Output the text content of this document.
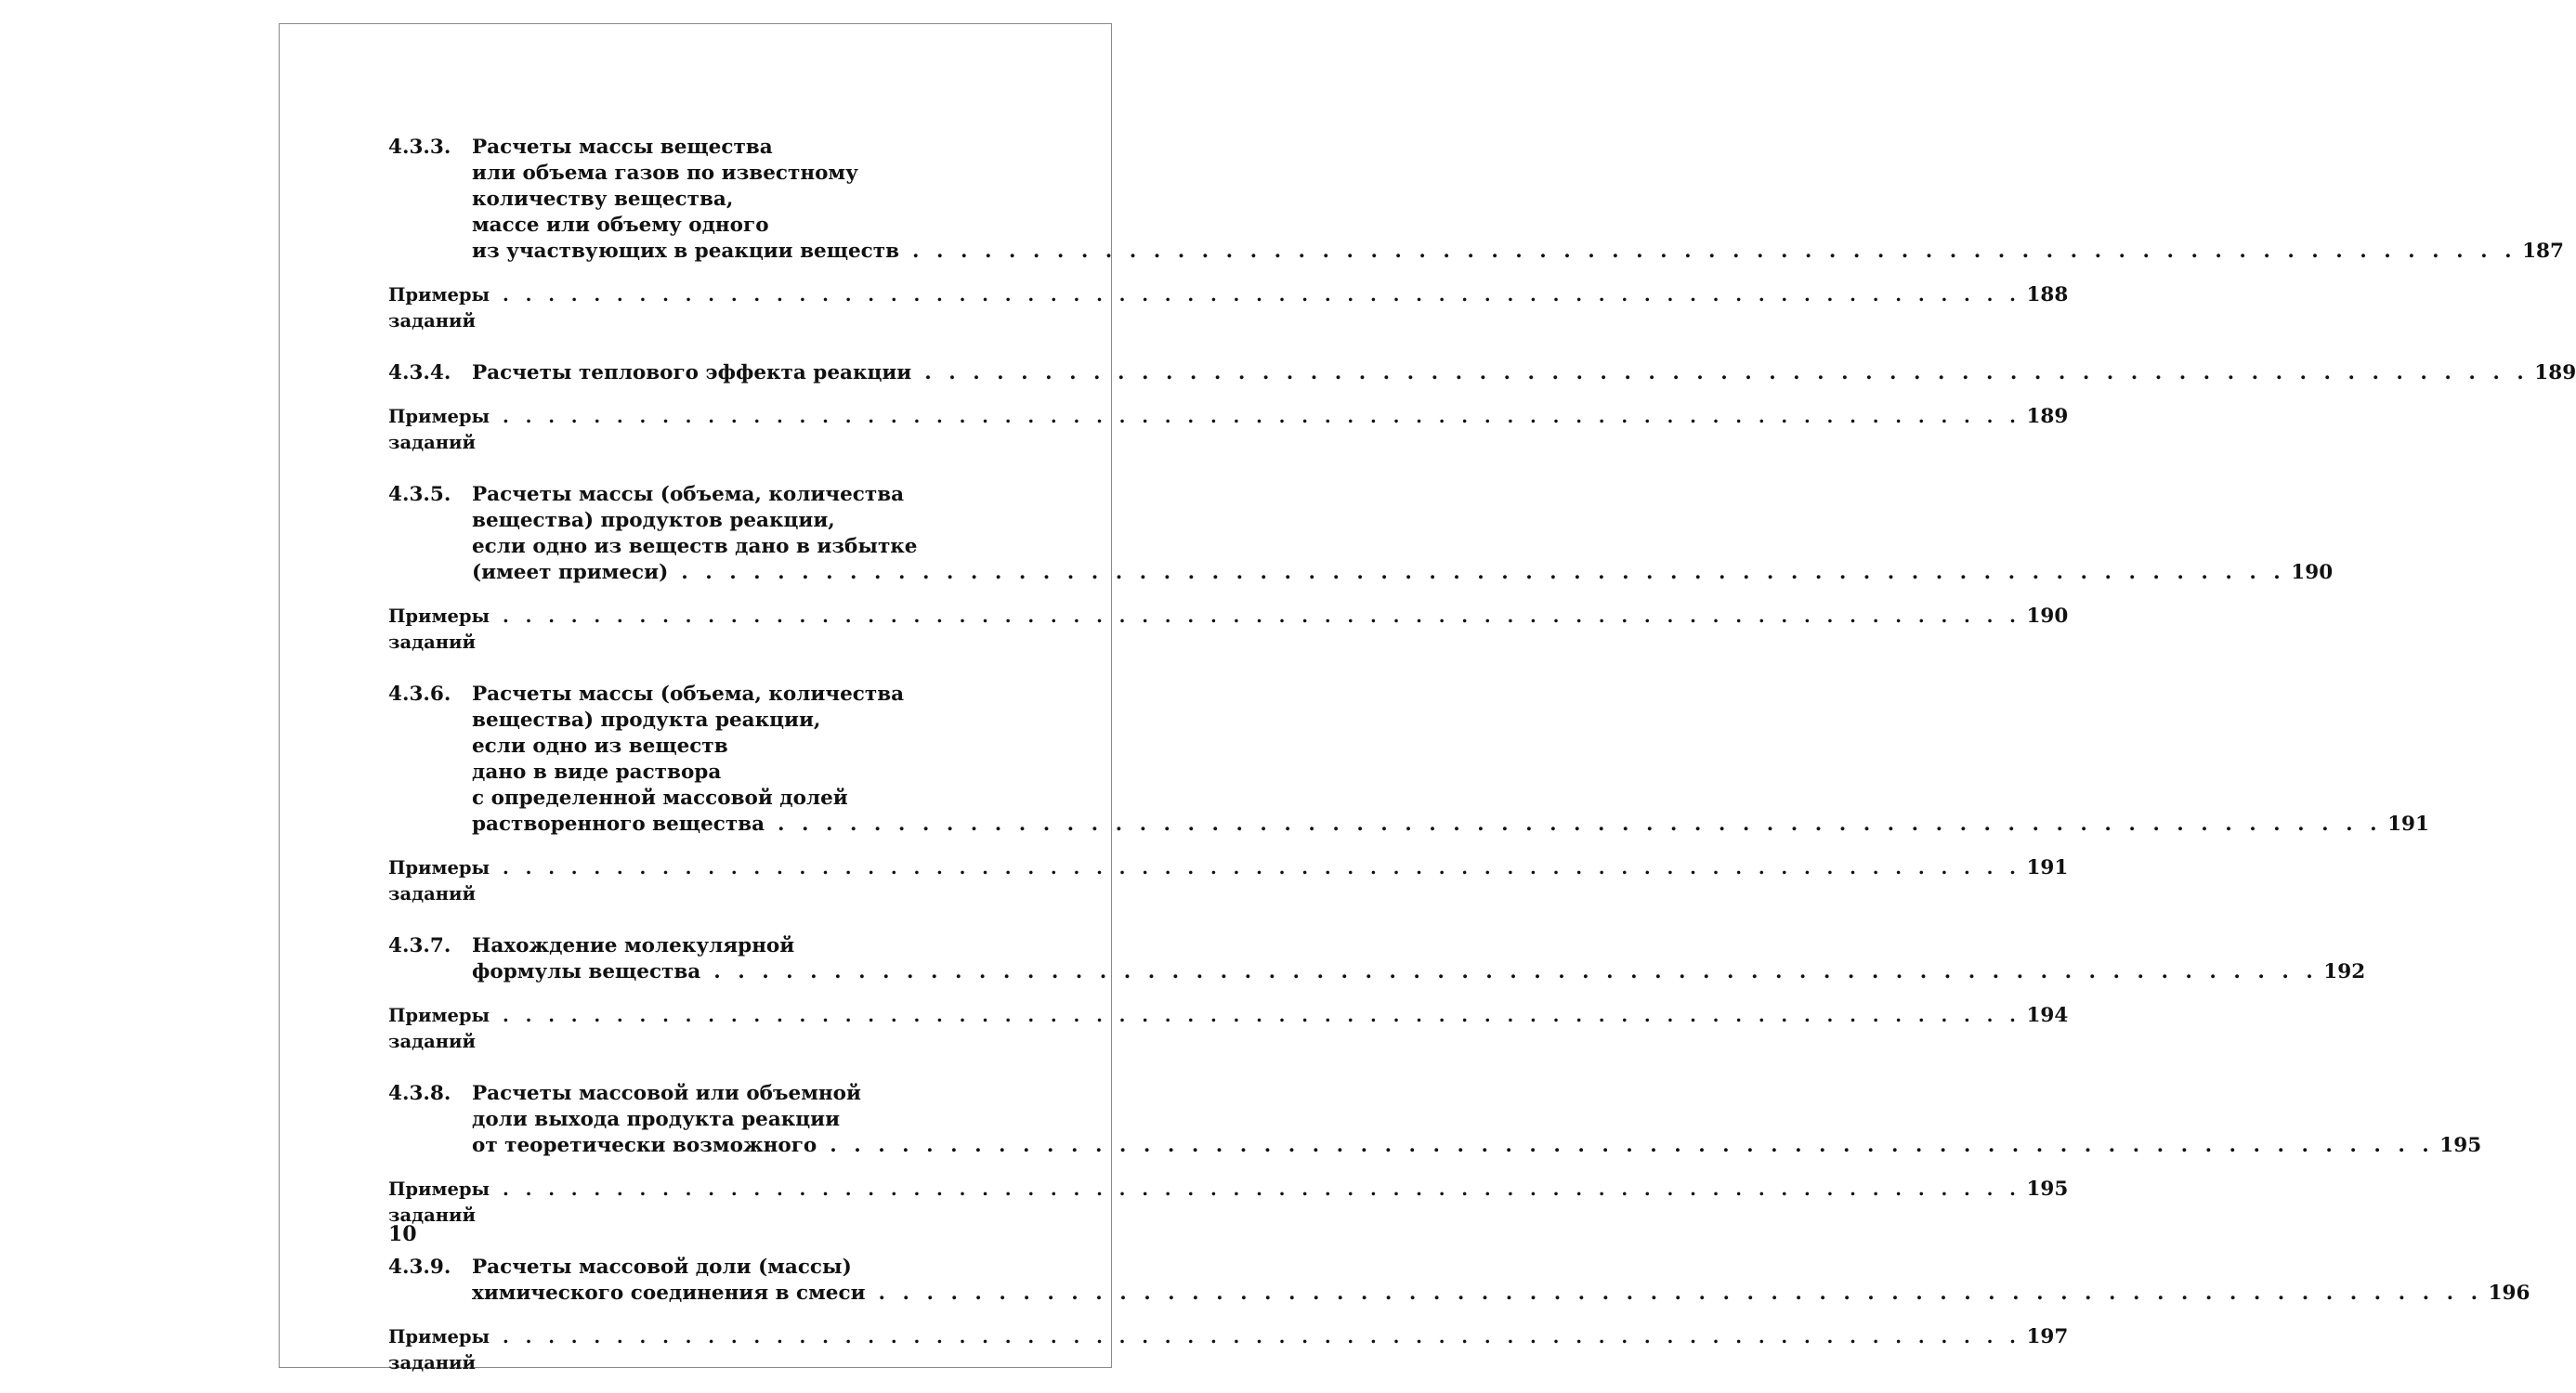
4.3.3. Расчеты массы вещества
или объема газов по известному
количеству вещества,
массе или объему одного
из участвующих в реакции веществ . . . . . . . . . . . . . . . . . . . . . . . . . . . . . . . . . . . . . . . . . . . . . . . . . . . . . . . . . . . . . . . . . . . 187
Примеры заданий
. . . . . . . . . . . . . . . . . . . . . . . . . . . . . . . . . . . . . . . . . . . . . . . . . . . . . . . . . . . . . . . . . . . 188
4.3.4. Расчеты теплового эффекта реакции . . . . . . . . . . . . . . . . . . . . . . . . . . . . . . . . . . . . . . . . . . . . . . . . . . . . . . . . . . . . . . . . . . . 189
Примеры заданий
. . . . . . . . . . . . . . . . . . . . . . . . . . . . . . . . . . . . . . . . . . . . . . . . . . . . . . . . . . . . . . . . . . . 189
4.3.5. Расчеты массы (объема, количества
вещества) продуктов реакции,
если одно из веществ дано в избытке
(имеет примеси) . . . . . . . . . . . . . . . . . . . . . . . . . . . . . . . . . . . . . . . . . . . . . . . . . . . . . . . . . . . . . . . . . . . 190
Примеры заданий
. . . . . . . . . . . . . . . . . . . . . . . . . . . . . . . . . . . . . . . . . . . . . . . . . . . . . . . . . . . . . . . . . . . 190
4.3.6. Расчеты массы (объема, количества
вещества) продукта реакции,
если одно из веществ
дано в виде раствора
с определенной массовой долей
растворенного вещества . . . . . . . . . . . . . . . . . . . . . . . . . . . . . . . . . . . . . . . . . . . . . . . . . . . . . . . . . . . . . . . . . . . 191
Примеры заданий
. . . . . . . . . . . . . . . . . . . . . . . . . . . . . . . . . . . . . . . . . . . . . . . . . . . . . . . . . . . . . . . . . . . 191
4.3.7. Нахождение молекулярной
формулы вещества . . . . . . . . . . . . . . . . . . . . . . . . . . . . . . . . . . . . . . . . . . . . . . . . . . . . . . . . . . . . . . . . . . . 192
Примеры заданий
. . . . . . . . . . . . . . . . . . . . . . . . . . . . . . . . . . . . . . . . . . . . . . . . . . . . . . . . . . . . . . . . . . . 194
4.3.8. Расчеты массовой или объемной
доли выхода продукта реакции
от теоретически возможного . . . . . . . . . . . . . . . . . . . . . . . . . . . . . . . . . . . . . . . . . . . . . . . . . . . . . . . . . . . . . . . . . . . 195
Примеры заданий
. . . . . . . . . . . . . . . . . . . . . . . . . . . . . . . . . . . . . . . . . . . . . . . . . . . . . . . . . . . . . . . . . . . 195
4.3.9. Расчеты массовой доли (массы)
химического соединения в смеси . . . . . . . . . . . . . . . . . . . . . . . . . . . . . . . . . . . . . . . . . . . . . . . . . . . . . . . . . . . . . . . . . . . 196
Примеры заданий
. . . . . . . . . . . . . . . . . . . . . . . . . . . . . . . . . . . . . . . . . . . . . . . . . . . . . . . . . . . . . . . . . . . 197
10
